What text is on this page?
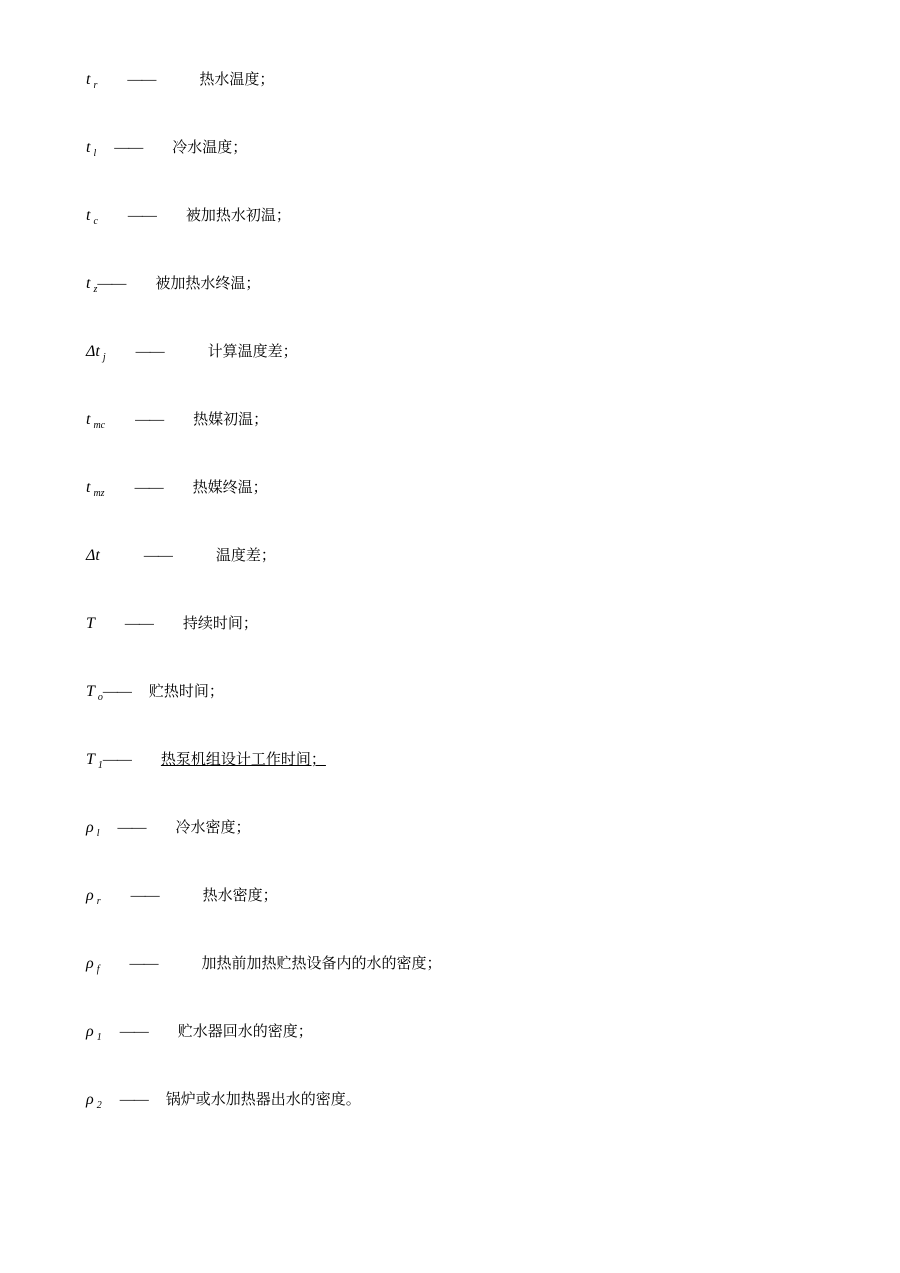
t $_r$ ——	热水温度；
t $_l$ —— 冷水温度；
t $_c$ —— 被加热水初温；
t $_z$—— 被加热水终温；
Δt $_j$ ——	计算温度差；
t $_{mc}$ —— 热媒初温；
t $_{mz}$ —— 热媒终温；
Δt	——	温度差；
T —— 持续时间；
T $_o$—— 贮热时间；
T $_1$—— 热泵机组设计工作时间；
ρ $_l$ —— 冷水密度；
ρ $_r$ ——	热水密度；
ρ $_f$ ——	加热前加热贮热设备内的水的密度；
ρ $_1$ —— 贮水器回水的密度；
ρ $_2$ —— 锅炉或水加热器出水的密度。
